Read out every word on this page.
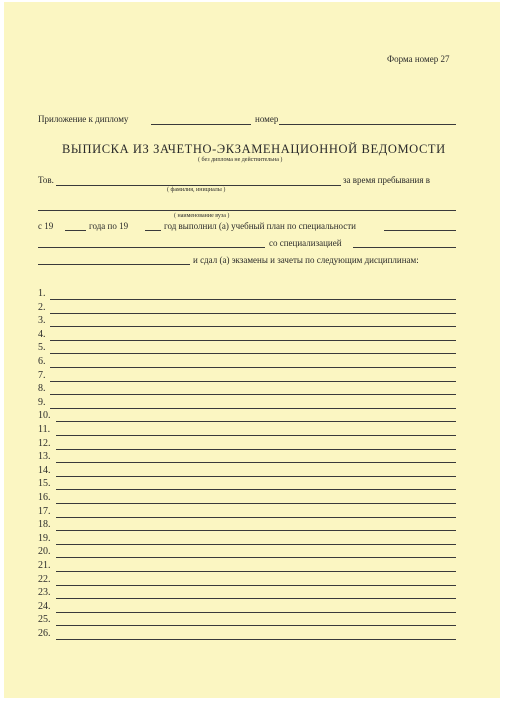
Форма номер 27
Приложение к диплому	номер
ВЫПИСКА ИЗ ЗАЧЕТНО-ЭКЗАМЕНАЦИОННОЙ ВЕДОМОСТИ
( без диплома не действительна )
Тов.	за время пребывания в
( фамилия, инициалы )
( наименование вуза )
с 19	года по 19	год выполнил (а) учебный план по специальности
со специализацией
и сдал (а) экзамены и зачеты по следующим дисциплинам:
1.
2.
3.
4.
5.
6.
7.
8.
9.
10.
11.
12.
13.
14.
15.
16.
17.
18.
19.
20.
21.
22.
23.
24.
25.
26.
